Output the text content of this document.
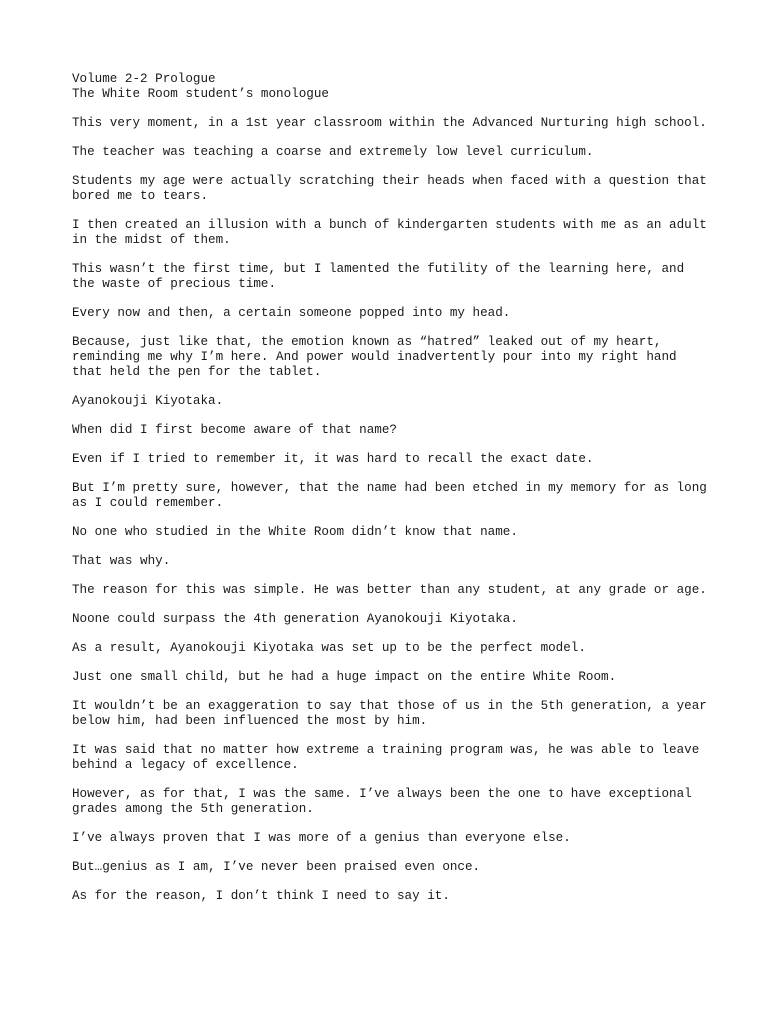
Volume 2-2 Prologue
The White Room student’s monologue

This very moment, in a 1st year classroom within the Advanced Nurturing high school.

The teacher was teaching a coarse and extremely low level curriculum.

Students my age were actually scratching their heads when faced with a question that bored me to tears.

I then created an illusion with a bunch of kindergarten students with me as an adult in the midst of them.

This wasn’t the first time, but I lamented the futility of the learning here, and the waste of precious time.

Every now and then, a certain someone popped into my head.

Because, just like that, the emotion known as “hatred” leaked out of my heart, reminding me why I’m here. And power would inadvertently pour into my right hand that held the pen for the tablet.

Ayanokouji Kiyotaka.

When did I first become aware of that name?

Even if I tried to remember it, it was hard to recall the exact date.

But I’m pretty sure, however, that the name had been etched in my memory for as long as I could remember.

No one who studied in the White Room didn’t know that name.

That was why.

The reason for this was simple. He was better than any student, at any grade or age.

Noone could surpass the 4th generation Ayanokouji Kiyotaka.

As a result, Ayanokouji Kiyotaka was set up to be the perfect model.

Just one small child, but he had a huge impact on the entire White Room.

It wouldn’t be an exaggeration to say that those of us in the 5th generation, a year below him, had been influenced the most by him.

It was said that no matter how extreme a training program was, he was able to leave behind a legacy of excellence.

However, as for that, I was the same. I’ve always been the one to have exceptional grades among the 5th generation.

I’ve always proven that I was more of a genius than everyone else.

But…genius as I am, I’ve never been praised even once.

As for the reason, I don’t think I need to say it.
